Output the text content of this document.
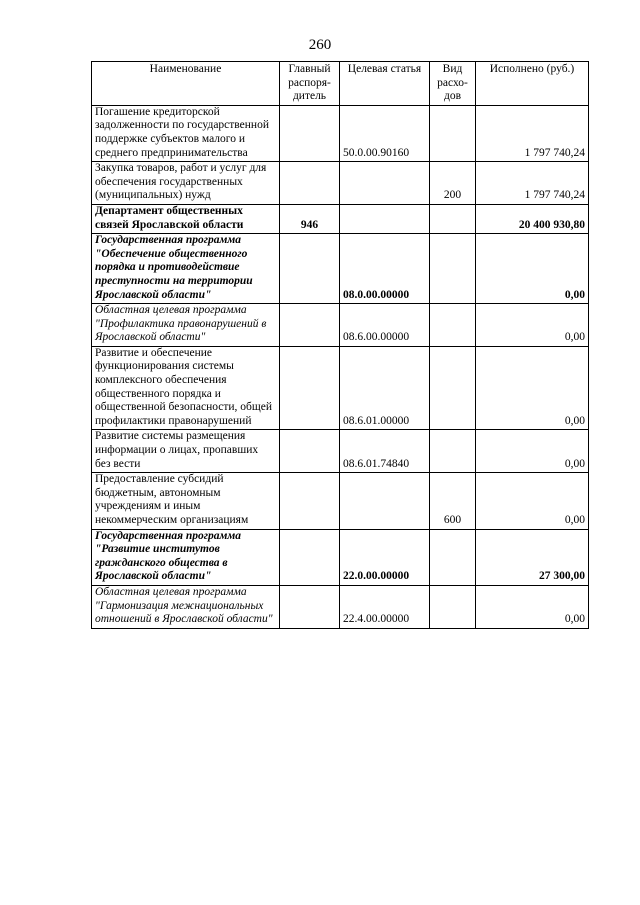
260
Наименование	Главный распоря-дитель	Целевая статья	Вид расхо-дов	Исполнено (руб.)
Погашение кредиторской задолженности по государственной поддержке субъектов малого и среднего предпринимательства		50.0.00.90160		1 797 740,24
Закупка товаров, работ и услуг для обеспечения государственных (муниципальных) нужд			200	1 797 740,24
Департамент общественных связей Ярославской области	946			20 400 930,80
Государственная программа "Обеспечение общественного порядка и противодействие преступности на территории Ярославской области"		08.0.00.00000		0,00
Областная целевая программа "Профилактика правонарушений в Ярославской области"		08.6.00.00000		0,00
Развитие и обеспечение функционирования системы комплексного обеспечения общественного порядка и общественной безопасности, общей профилактики правонарушений		08.6.01.00000		0,00
Развитие системы размещения информации о лицах, пропавших без вести		08.6.01.74840		0,00
Предоставление субсидий бюджетным, автономным учреждениям и иным некоммерческим организациям			600	0,00
Государственная программа "Развитие институтов гражданского общества в Ярославской области"		22.0.00.00000		27 300,00
Областная целевая программа "Гармонизация межнациональных отношений в Ярославской области"		22.4.00.00000		0,00
